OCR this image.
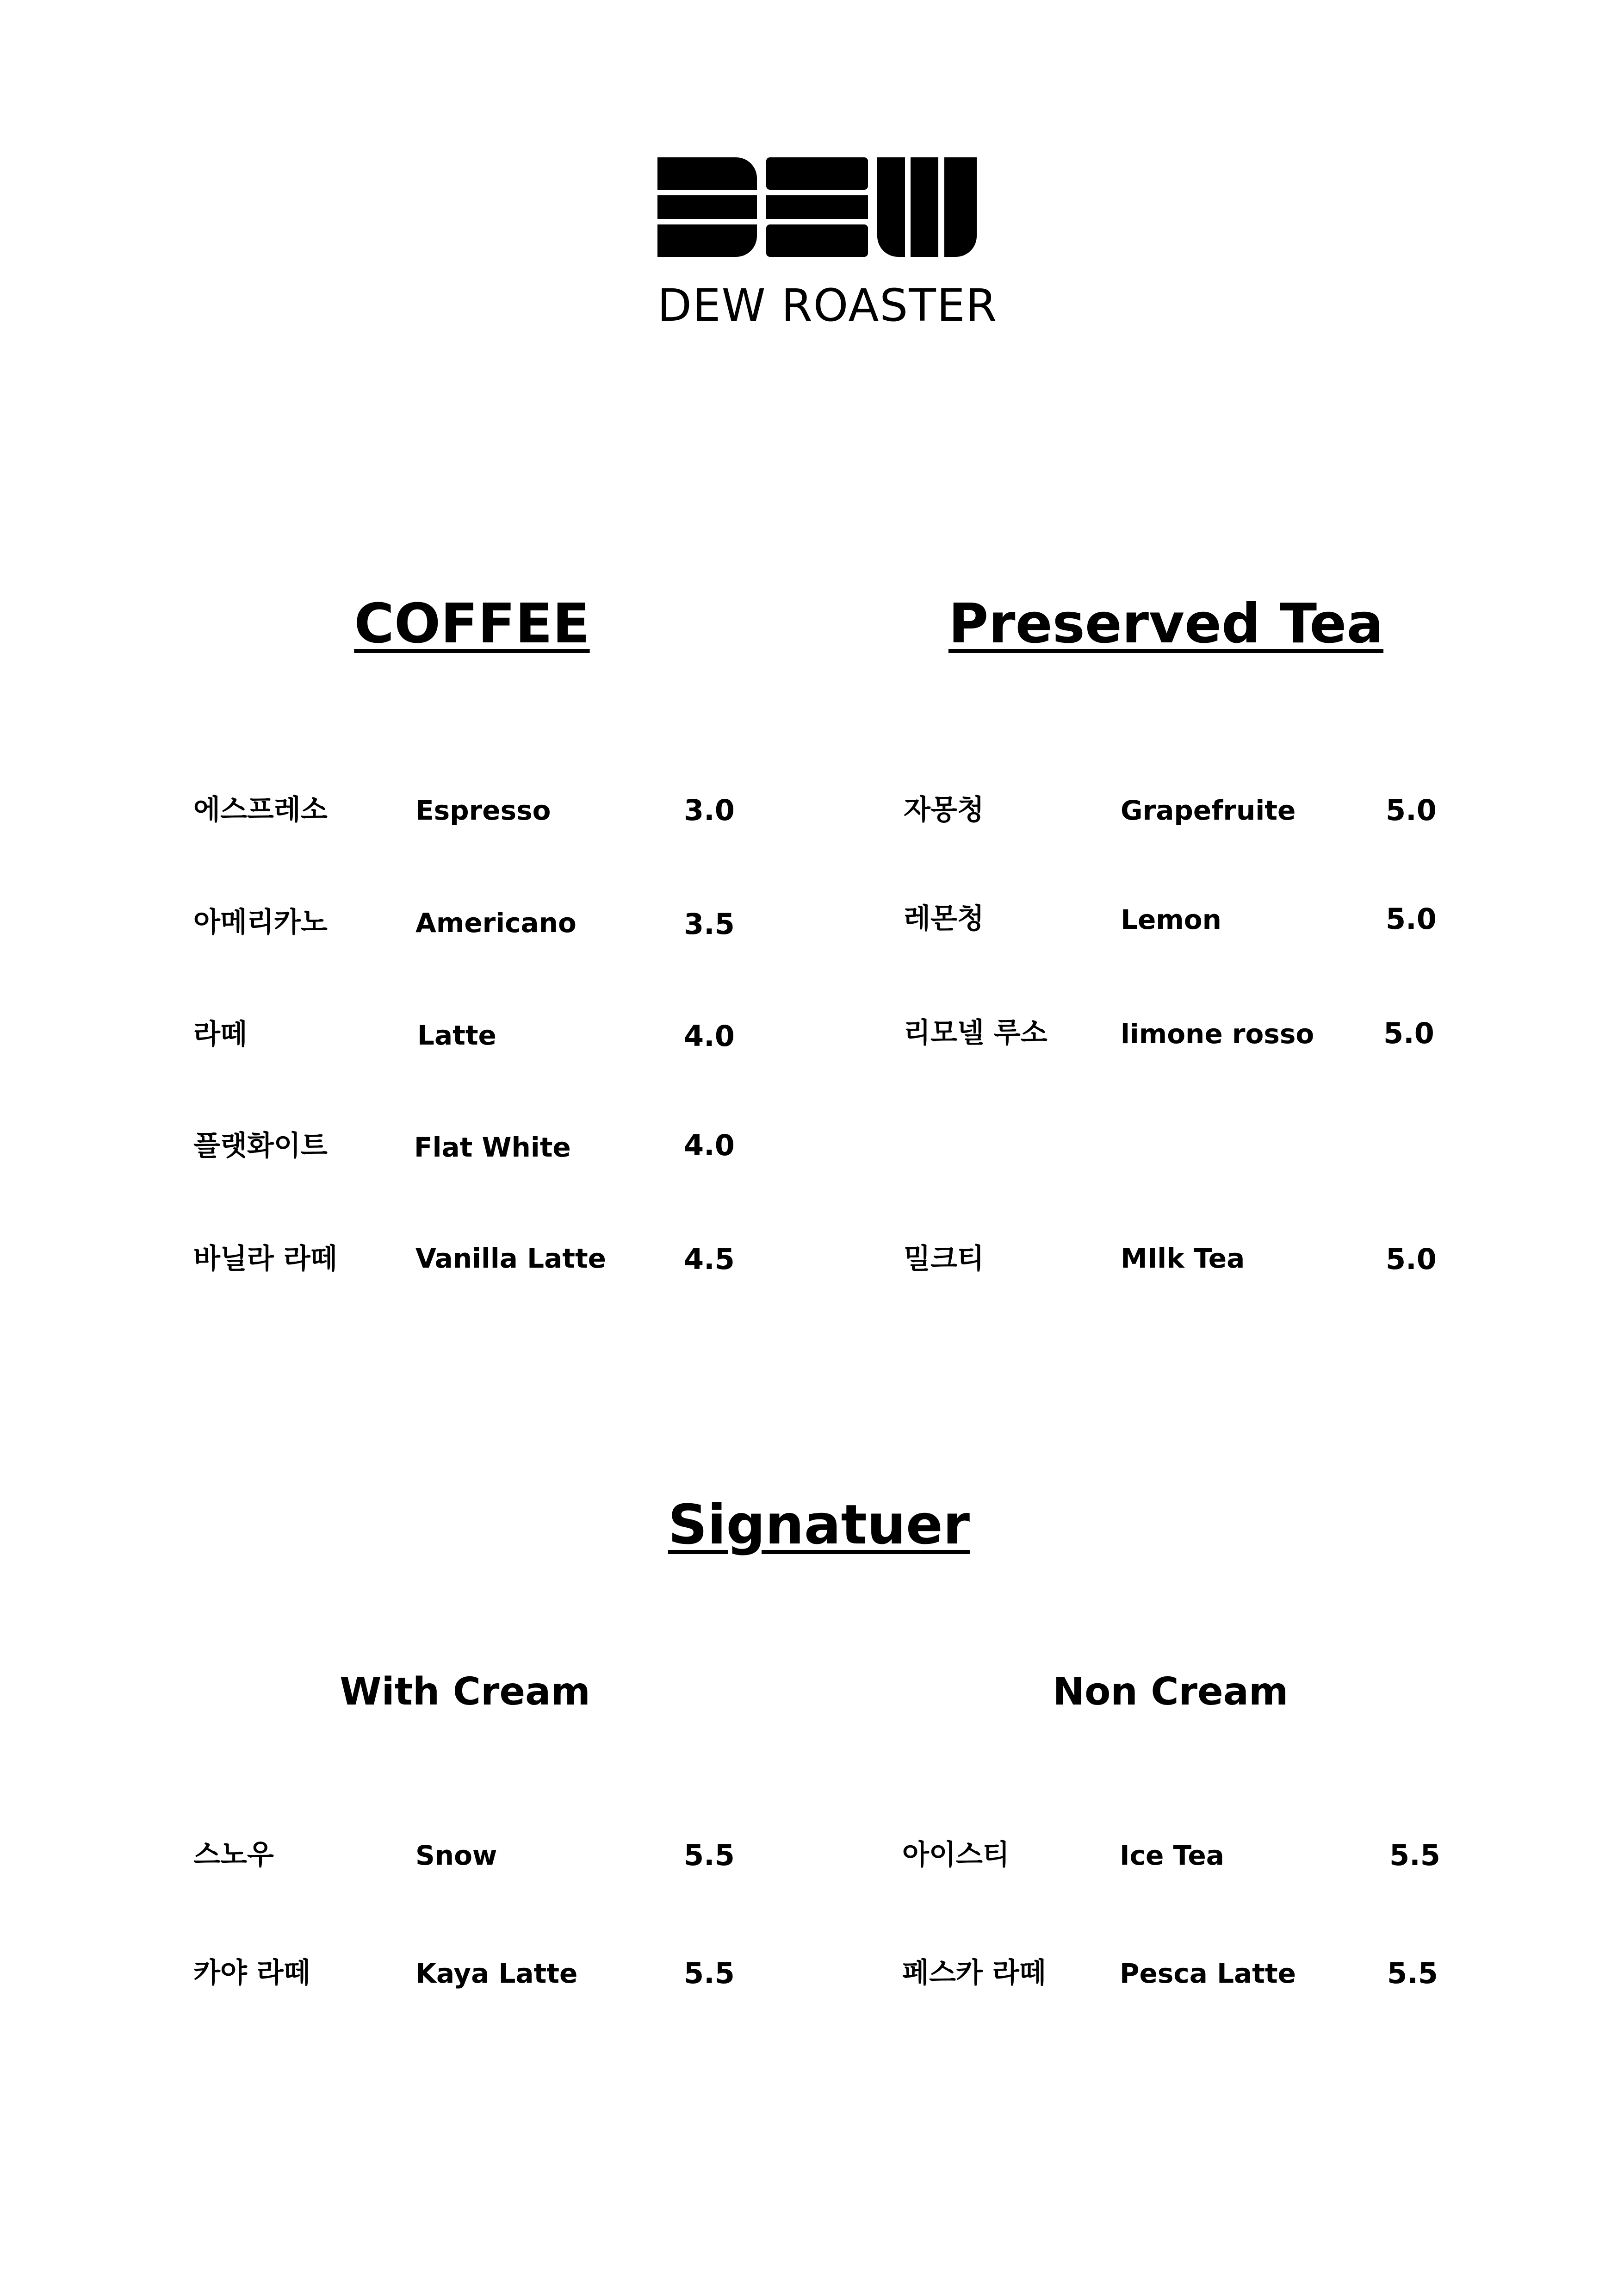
DEW ROASTER
COFFEE	Preserved Tea
에스프레소	Espresso	3.0
아메리카노	Americano	3.5
라떼	Latte	4.0
플랫화이트	Flat White	4.0
바닐라 라떼	Vanilla Latte	4.5
자몽청	Grapefruite	5.0
레몬청	Lemon	5.0
리모넬 루소	limone rosso 5.0
밀크티	MIlk Tea	5.0
Signatuer
With Cream	Non Cream
스노우	Snow	5.5
카야 라떼	Kaya Latte	5.5
아이스티	Ice Tea	5.5
페스카 라떼	Pesca Latte	5.5
